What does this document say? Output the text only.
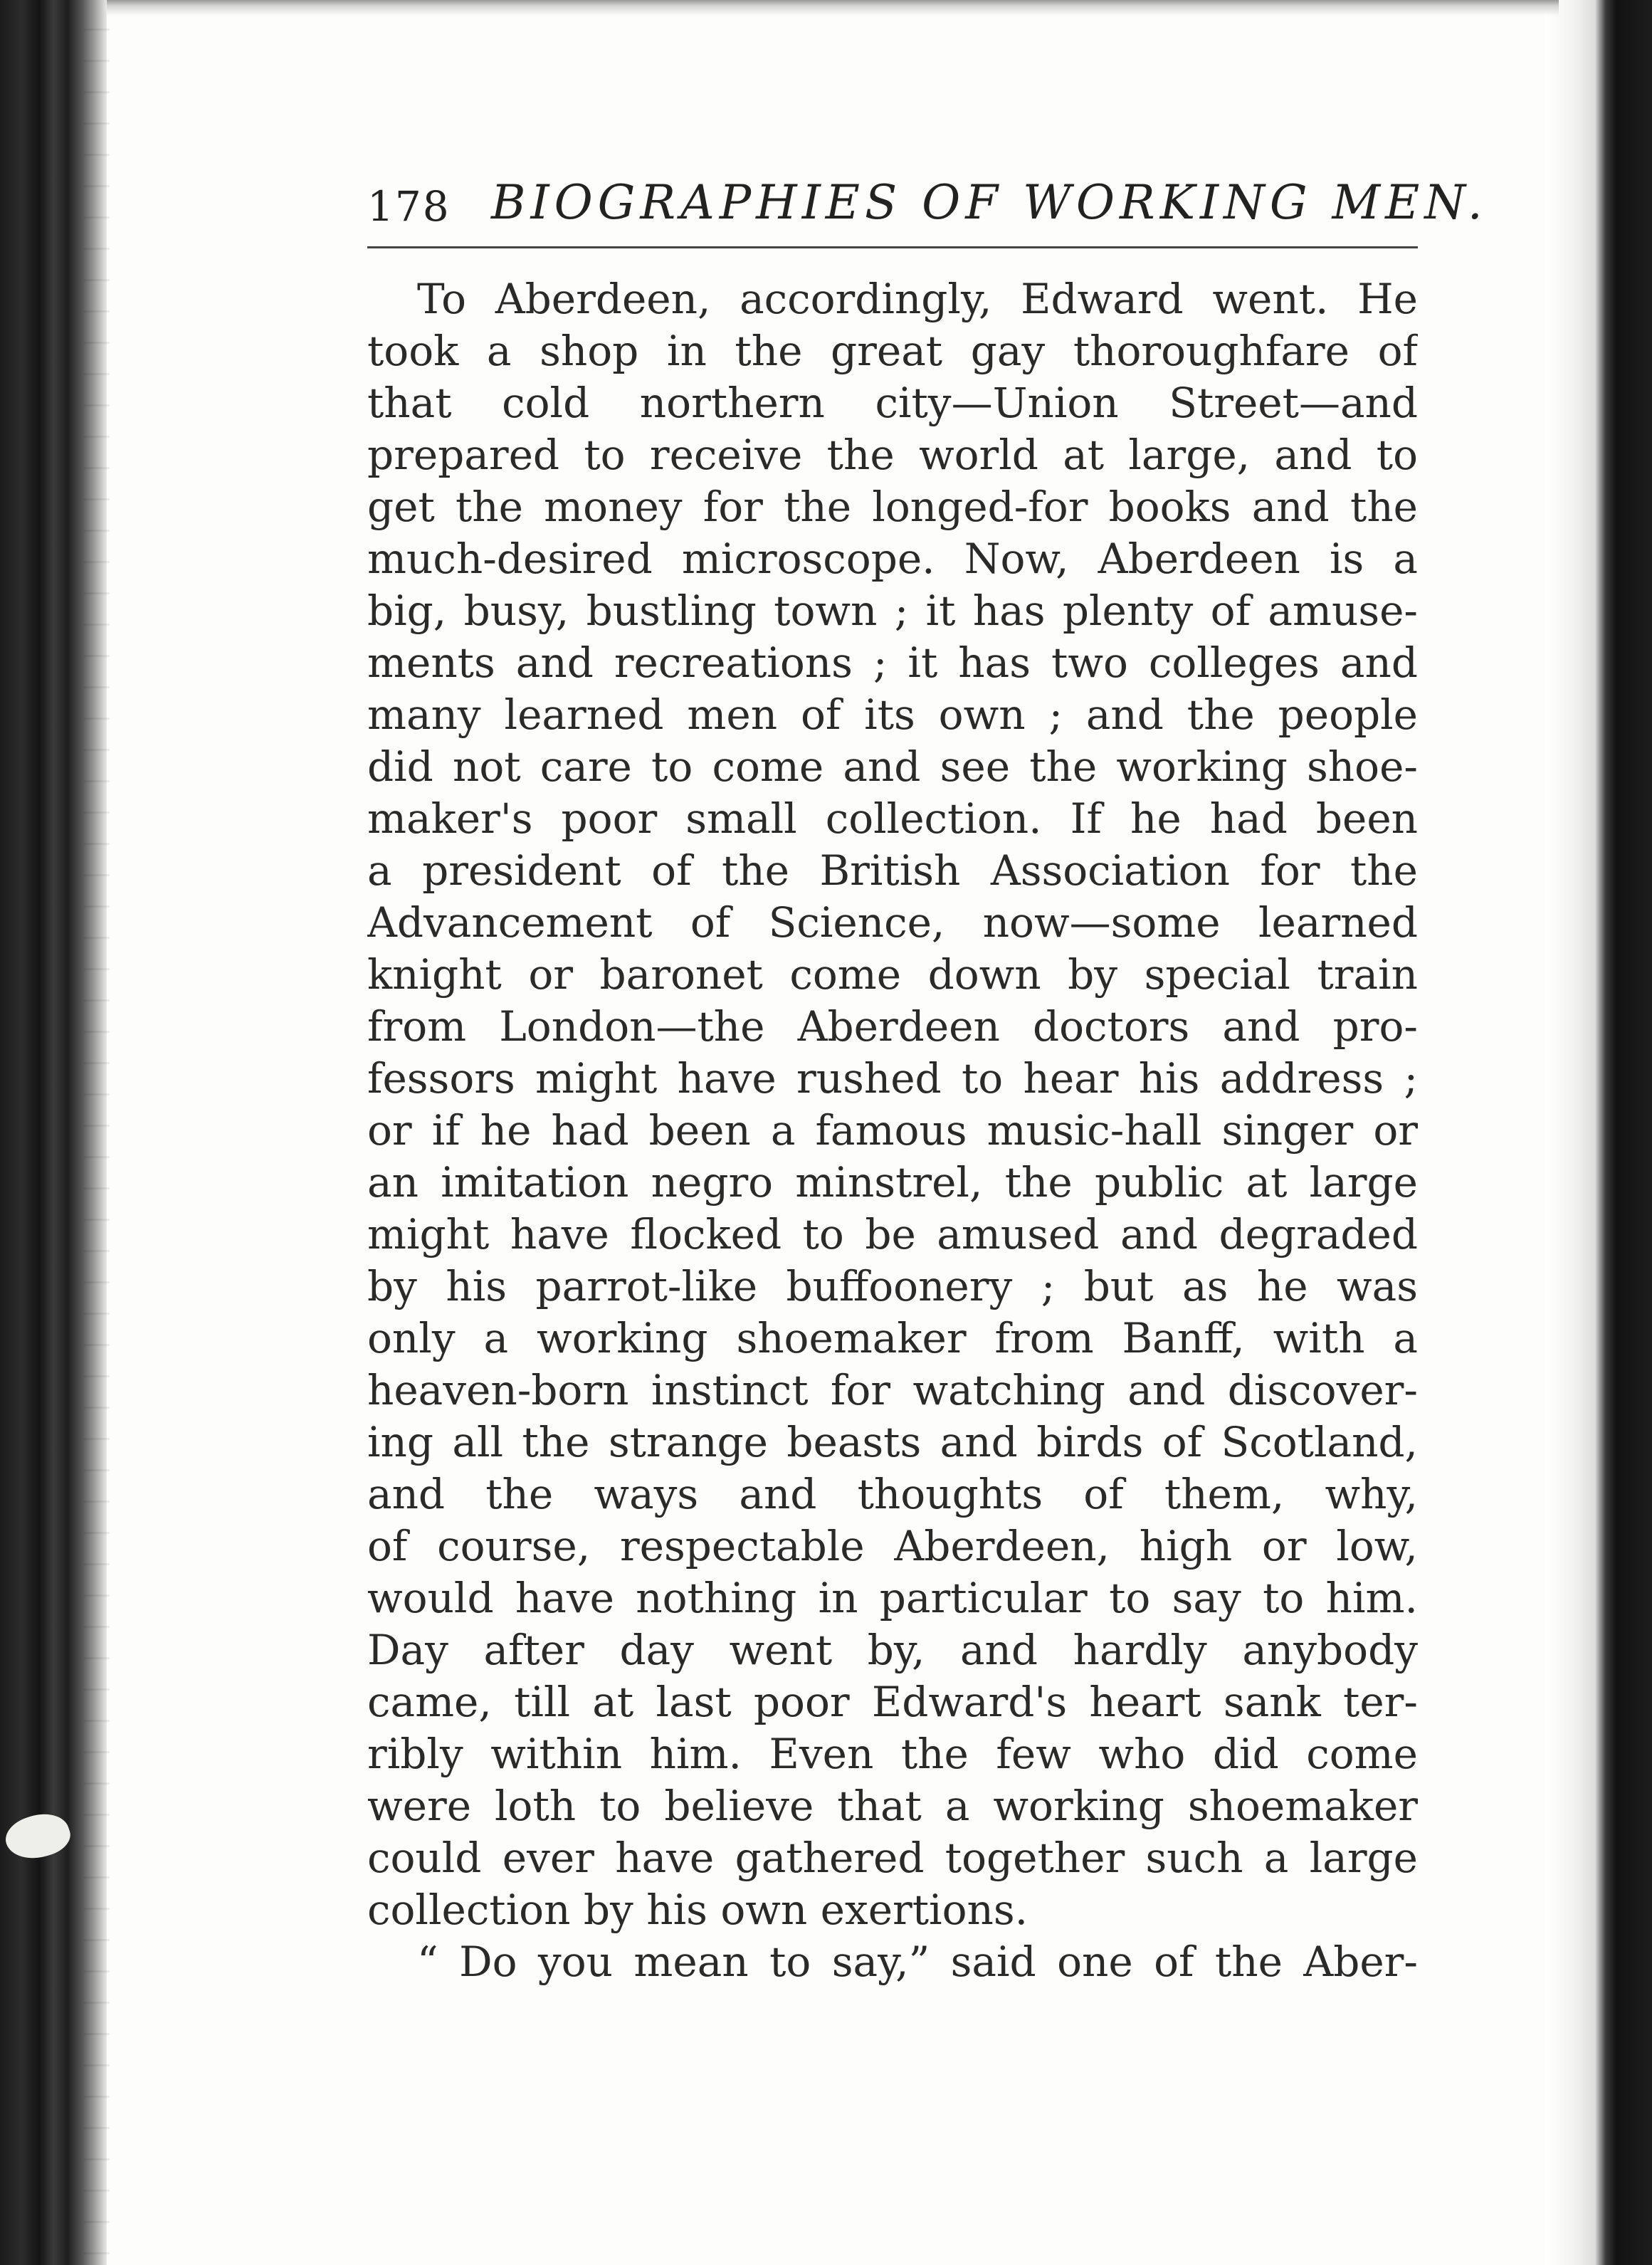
178 BIOGRAPHIES OF WORKING MEN.
To Aberdeen, accordingly, Edward went. He
took a shop in the great gay thoroughfare of
that cold northern city—Union Street—and
prepared to receive the world at large, and to
get the money for the longed-for books and the
much-desired microscope. Now, Aberdeen is a
big, busy, bustling town ; it has plenty of amuse-
ments and recreations ; it has two colleges and
many learned men of its own ; and the people
did not care to come and see the working shoe-
maker's poor small collection. If he had been
a president of the British Association for the
Advancement of Science, now—some learned
knight or baronet come down by special train
from London—the Aberdeen doctors and pro-
fessors might have rushed to hear his address ;
or if he had been a famous music-hall singer or
an imitation negro minstrel, the public at large
might have flocked to be amused and degraded
by his parrot-like buffoonery ; but as he was
only a working shoemaker from Banff, with a
heaven-born instinct for watching and discover-
ing all the strange beasts and birds of Scotland,
and the ways and thoughts of them, why,
of course, respectable Aberdeen, high or low,
would have nothing in particular to say to him.
Day after day went by, and hardly anybody
came, till at last poor Edward's heart sank ter-
ribly within him. Even the few who did come
were loth to believe that a working shoemaker
could ever have gathered together such a large
collection by his own exertions.
“ Do you mean to say,” said one of the Aber-
